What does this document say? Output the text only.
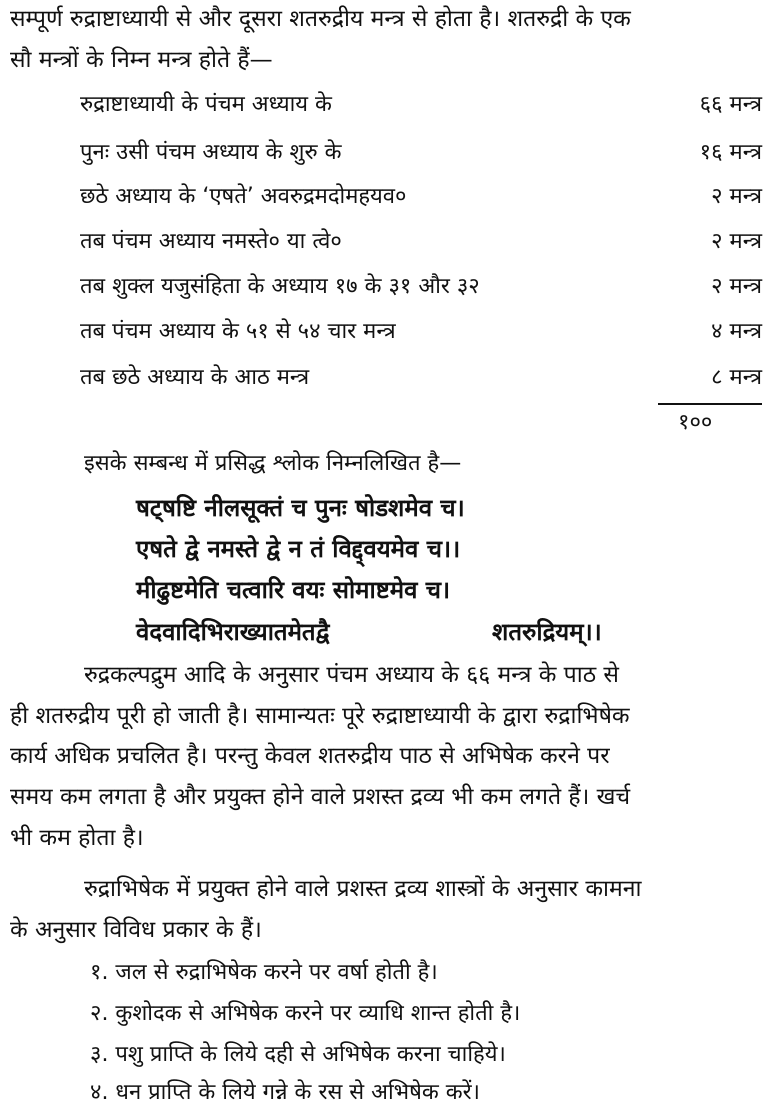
सम्पूर्ण रुद्राष्टाध्यायी से और दूसरा शतरुद्रीय मन्त्र से होता है। शतरुद्री के एक
सौ मन्त्रों के निम्न मन्त्र होते हैं—
रुद्राष्टाध्यायी के पंचम अध्याय के	६६ मन्त्र
पुनः उसी पंचम अध्याय के शुरु के	१६ मन्त्र
छठे अध्याय के ‘एषते’ अवरुद्रमदोमहयव०	२ मन्त्र
तब पंचम अध्याय नमस्ते० या त्वे०	२ मन्त्र
तब शुक्ल यजुसंहिता के अध्याय १७ के ३१ और ३२	२ मन्त्र
तब पंचम अध्याय के ५१ से ५४ चार मन्त्र	४ मन्त्र
तब छठे अध्याय के आठ मन्त्र	८ मन्त्र
१००
इसके सम्बन्ध में प्रसिद्ध श्लोक निम्नलिखित है—
षट्षष्टि नीलसूक्तं च पुनः षोडशमेव च।
एषते द्वे नमस्ते द्वे न तं विद्द्वयमेव च।।
मीढुष्टमेति चत्वारि वयः सोमाष्टमेव च।
वेदवादिभिराख्यातमेतद्वै	शतरुद्रियम्।।
रुद्रकल्पद्रुम आदि के अनुसार पंचम अध्याय के ६६ मन्त्र के पाठ से
ही शतरुद्रीय पूरी हो जाती है। सामान्यतः पूरे रुद्राष्टाध्यायी के द्वारा रुद्राभिषेक
कार्य अधिक प्रचलित है। परन्तु केवल शतरुद्रीय पाठ से अभिषेक करने पर
समय कम लगता है और प्रयुक्त होने वाले प्रशस्त द्रव्य भी कम लगते हैं। खर्च
भी कम होता है।
रुद्राभिषेक में प्रयुक्त होने वाले प्रशस्त द्रव्य शास्त्रों के अनुसार कामना
के अनुसार विविध प्रकार के हैं।
१. जल से रुद्राभिषेक करने पर वर्षा होती है।
२. कुशोदक से अभिषेक करने पर व्याधि शान्त होती है।
३. पशु प्राप्ति के लिये दही से अभिषेक करना चाहिये।
४. धन प्राप्ति के लिये गन्ने के रस से अभिषेक करें।
